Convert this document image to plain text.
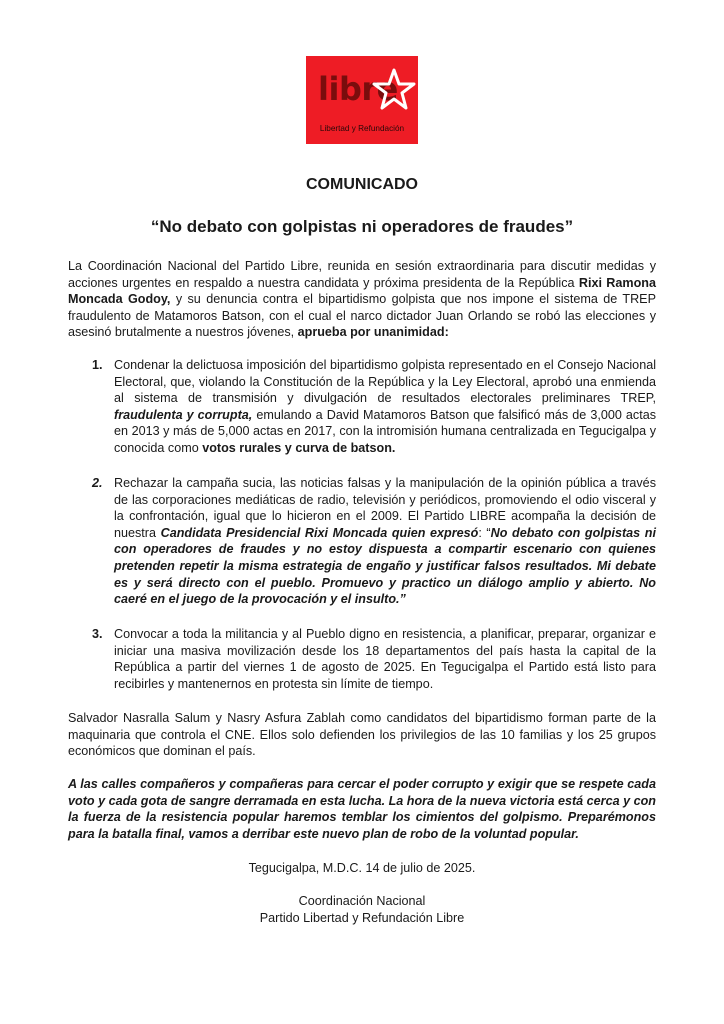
libre
Libertad y Refundación
COMUNICADO
“No debato con golpistas ni operadores de fraudes”
La Coordinación Nacional del Partido Libre, reunida en sesión extraordinaria para discutir medidas y acciones urgentes en respaldo a nuestra candidata y próxima presidenta de la República Rixi Ramona Moncada Godoy, y su denuncia contra el bipartidismo golpista que nos impone el sistema de TREP fraudulento de Matamoros Batson, con el cual el narco dictador Juan Orlando se robó las elecciones y asesinó brutalmente a nuestros jóvenes, aprueba por unanimidad:
1. Condenar la delictuosa imposición del bipartidismo golpista representado en el Consejo Nacional Electoral, que, violando la Constitución de la República y la Ley Electoral, aprobó una enmienda al sistema de transmisión y divulgación de resultados electorales preliminares TREP, fraudulenta y corrupta, emulando a David Matamoros Batson que falsificó más de 3,000 actas en 2013 y más de 5,000 actas en 2017, con la intromisión humana centralizada en Tegucigalpa y conocida como votos rurales y curva de batson.
2. Rechazar la campaña sucia, las noticias falsas y la manipulación de la opinión pública a través de las corporaciones mediáticas de radio, televisión y periódicos, promoviendo el odio visceral y la confrontación, igual que lo hicieron en el 2009. El Partido LIBRE acompaña la decisión de nuestra Candidata Presidencial Rixi Moncada quien expresó: “No debato con golpistas ni con operadores de fraudes y no estoy dispuesta a compartir escenario con quienes pretenden repetir la misma estrategia de engaño y justificar falsos resultados. Mi debate es y será directo con el pueblo. Promuevo y practico un diálogo amplio y abierto. No caeré en el juego de la provocación y el insulto.”
3. Convocar a toda la militancia y al Pueblo digno en resistencia, a planificar, preparar, organizar e iniciar una masiva movilización desde los 18 departamentos del país hasta la capital de la República a partir del viernes 1 de agosto de 2025. En Tegucigalpa el Partido está listo para recibirles y mantenernos en protesta sin límite de tiempo.
Salvador Nasralla Salum y Nasry Asfura Zablah como candidatos del bipartidismo forman parte de la maquinaria que controla el CNE. Ellos solo defienden los privilegios de las 10 familias y los 25 grupos económicos que dominan el país.
A las calles compañeros y compañeras para cercar el poder corrupto y exigir que se respete cada voto y cada gota de sangre derramada en esta lucha. La hora de la nueva victoria está cerca y con la fuerza de la resistencia popular haremos temblar los cimientos del golpismo. Preparémonos para la batalla final, vamos a derribar este nuevo plan de robo de la voluntad popular.
Tegucigalpa, M.D.C. 14 de julio de 2025.
Coordinación Nacional
Partido Libertad y Refundación Libre
